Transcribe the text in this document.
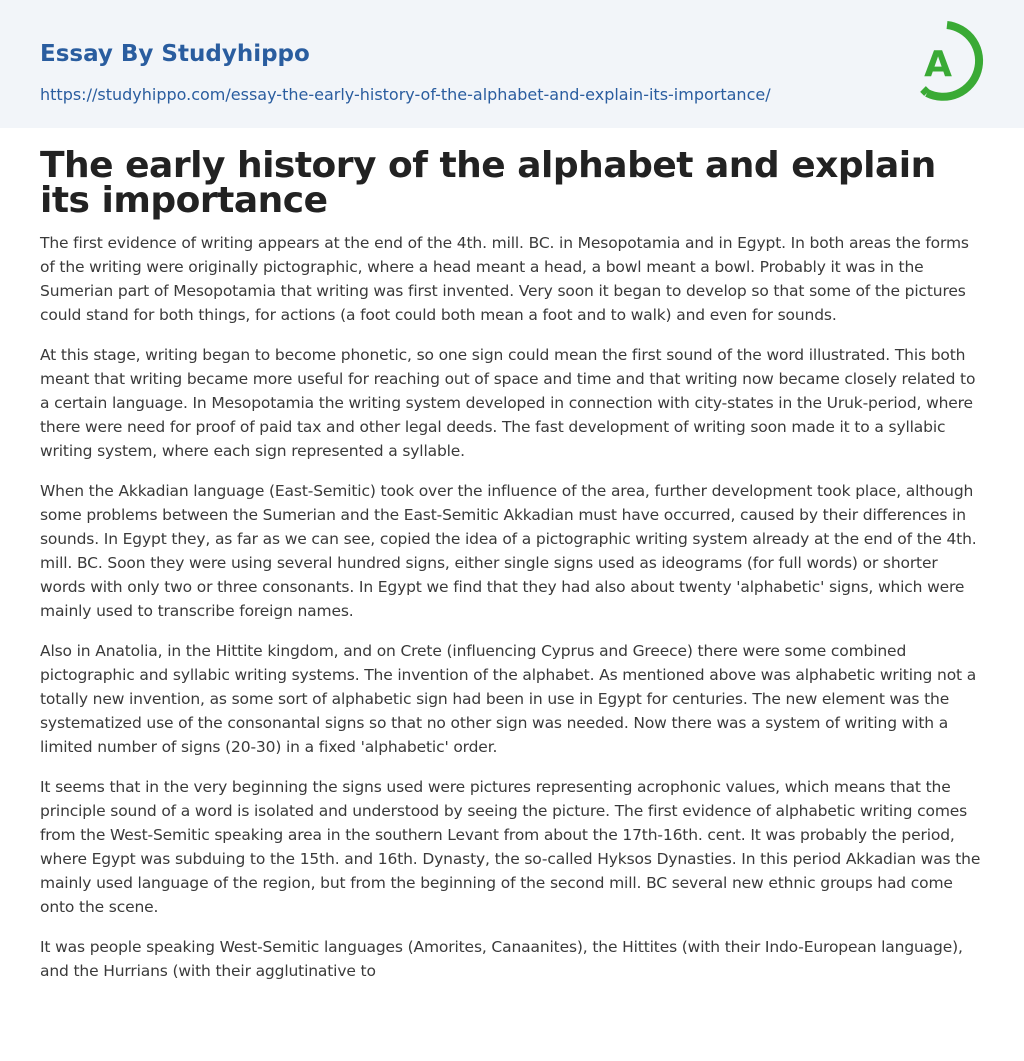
Essay By Studyhippo
https://studyhippo.com/essay-the-early-history-of-the-alphabet-and-explain-its-importance/
A
The early history of the alphabet and explain its importance

The first evidence of writing appears at the end of the 4th. mill. BC. in Mesopotamia and in Egypt. In both areas the forms of the writing were originally pictographic, where a head meant a head, a bowl meant a bowl. Probably it was in the Sumerian part of Mesopotamia that writing was first invented. Very soon it began to develop so that some of the pictures could stand for both things, for actions (a foot could both mean a foot and to walk) and even for sounds.

At this stage, writing began to become phonetic, so one sign could mean the first sound of the word illustrated. This both meant that writing became more useful for reaching out of space and time and that writing now became closely related to a certain language. In Mesopotamia the writing system developed in connection with city-states in the Uruk-period, where there were need for proof of paid tax and other legal deeds. The fast development of writing soon made it to a syllabic writing system, where each sign represented a syllable.

When the Akkadian language (East-Semitic) took over the influence of the area, further development took place, although some problems between the Sumerian and the East-Semitic Akkadian must have occurred, caused by their differences in sounds. In Egypt they, as far as we can see, copied the idea of a pictographic writing system already at the end of the 4th. mill. BC. Soon they were using several hundred signs, either single signs used as ideograms (for full words) or shorter words with only two or three consonants. In Egypt we find that they had also about twenty 'alphabetic' signs, which were mainly used to transcribe foreign names.

Also in Anatolia, in the Hittite kingdom, and on Crete (influencing Cyprus and Greece) there were some combined pictographic and syllabic writing systems. The invention of the alphabet. As mentioned above was alphabetic writing not a totally new invention, as some sort of alphabetic sign had been in use in Egypt for centuries. The new element was the systematized use of the consonantal signs so that no other sign was needed. Now there was a system of writing with a limited number of signs (20-30) in a fixed 'alphabetic' order.

It seems that in the very beginning the signs used were pictures representing acrophonic values, which means that the principle sound of a word is isolated and understood by seeing the picture. The first evidence of alphabetic writing comes from the West-Semitic speaking area in the southern Levant from about the 17th-16th. cent. It was probably the period, where Egypt was subduing to the 15th. and 16th. Dynasty, the so-called Hyksos Dynasties. In this period Akkadian was the mainly used language of the region, but from the beginning of the second mill. BC several new ethnic groups had come onto the scene.

It was people speaking West-Semitic languages (Amorites, Canaanites), the Hittites (with their Indo-European language), and the Hurrians (with their agglutinative to
